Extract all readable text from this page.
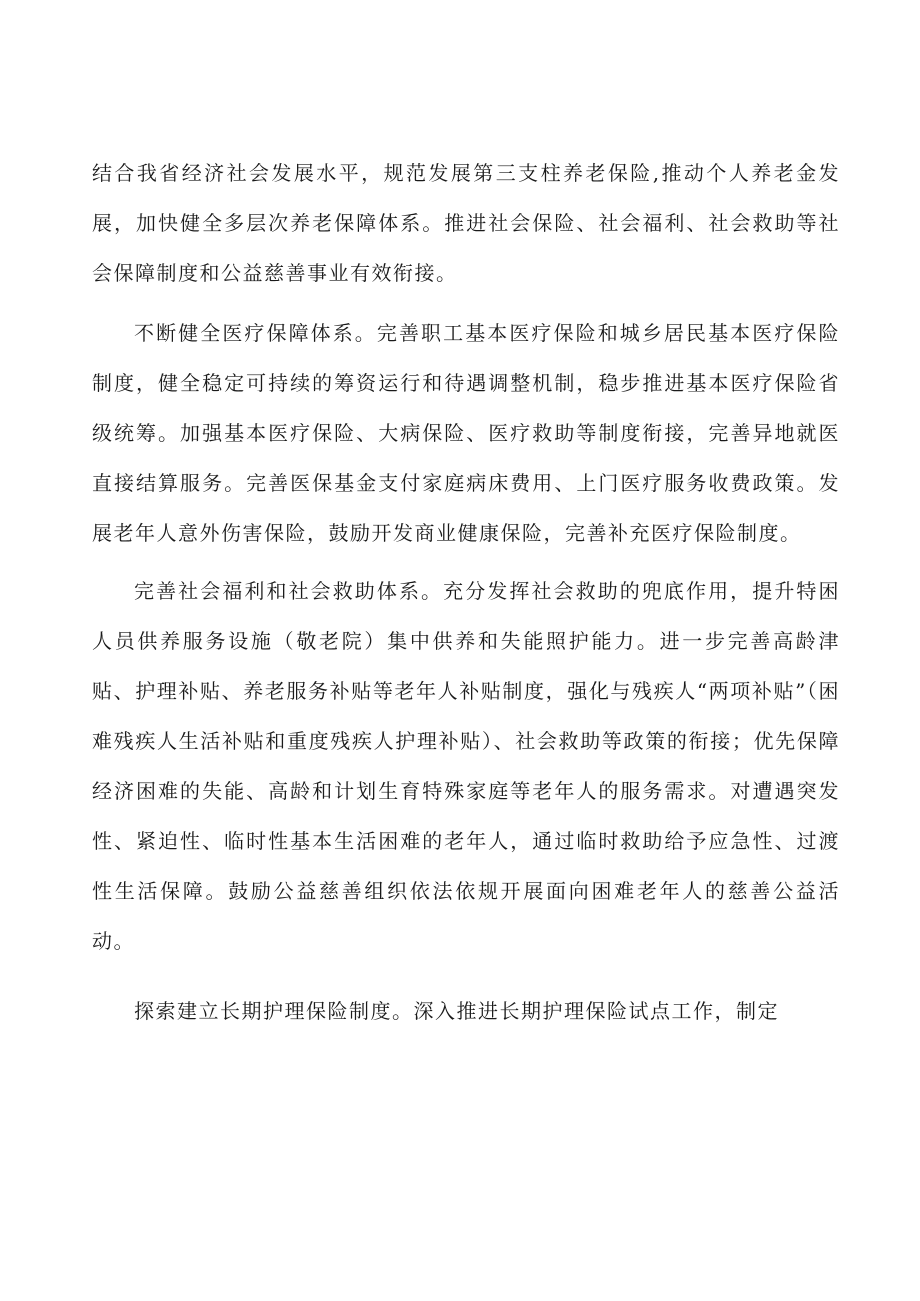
结合我省经济社会发展水平，规范发展第三支柱养老保险,推动个人养老金发展，加快健全多层次养老保障体系。推进社会保险、社会福利、社会救助等社会保障制度和公益慈善事业有效衔接。

不断健全医疗保障体系。完善职工基本医疗保险和城乡居民基本医疗保险制度，健全稳定可持续的筹资运行和待遇调整机制，稳步推进基本医疗保险省级统筹。加强基本医疗保险、大病保险、医疗救助等制度衔接，完善异地就医直接结算服务。完善医保基金支付家庭病床费用、上门医疗服务收费政策。发展老年人意外伤害保险，鼓励开发商业健康保险，完善补充医疗保险制度。

完善社会福利和社会救助体系。充分发挥社会救助的兜底作用，提升特困人员供养服务设施（敬老院）集中供养和失能照护能力。进一步完善高龄津贴、护理补贴、养老服务补贴等老年人补贴制度，强化与残疾人“两项补贴”（困难残疾人生活补贴和重度残疾人护理补贴）、社会救助等政策的衔接；优先保障经济困难的失能、高龄和计划生育特殊家庭等老年人的服务需求。对遭遇突发性、紧迫性、临时性基本生活困难的老年人，通过临时救助给予应急性、过渡性生活保障。鼓励公益慈善组织依法依规开展面向困难老年人的慈善公益活动。

探索建立长期护理保险制度。深入推进长期护理保险试点工作，制定
